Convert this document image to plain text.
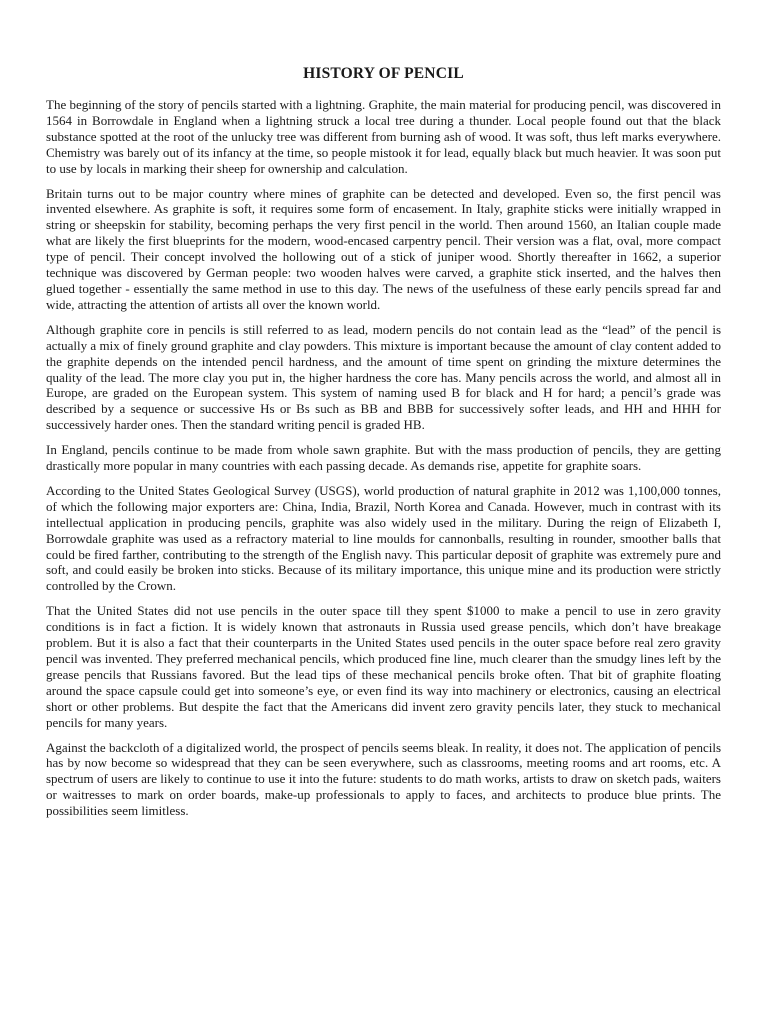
HISTORY OF PENCIL

The beginning of the story of pencils started with a lightning. Graphite, the main material for producing pencil, was discovered in 1564 in Borrowdale in England when a lightning struck a local tree during a thunder. Local people found out that the black substance spotted at the root of the unlucky tree was different from burning ash of wood. It was soft, thus left marks everywhere. Chemistry was barely out of its infancy at the time, so people mistook it for lead, equally black but much heavier. It was soon put to use by locals in marking their sheep for ownership and calculation.

Britain turns out to be major country where mines of graphite can be detected and developed. Even so, the first pencil was invented elsewhere. As graphite is soft, it requires some form of encasement. In Italy, graphite sticks were initially wrapped in string or sheepskin for stability, becoming perhaps the very first pencil in the world. Then around 1560, an Italian couple made what are likely the first blueprints for the modern, wood-encased carpentry pencil. Their version was a flat, oval, more compact type of pencil. Their concept involved the hollowing out of a stick of juniper wood. Shortly thereafter in 1662, a superior technique was discovered by German people: two wooden halves were carved, a graphite stick inserted, and the halves then glued together - essentially the same method in use to this day. The news of the usefulness of these early pencils spread far and wide, attracting the attention of artists all over the known world.

Although graphite core in pencils is still referred to as lead, modern pencils do not contain lead as the “lead” of the pencil is actually a mix of finely ground graphite and clay powders. This mixture is important because the amount of clay content added to the graphite depends on the intended pencil hardness, and the amount of time spent on grinding the mixture determines the quality of the lead. The more clay you put in, the higher hardness the core has. Many pencils across the world, and almost all in Europe, are graded on the European system. This system of naming used B for black and H for hard; a pencil’s grade was described by a sequence or successive Hs or Bs such as BB and BBB for successively softer leads, and HH and HHH for successively harder ones. Then the standard writing pencil is graded HB.

In England, pencils continue to be made from whole sawn graphite. But with the mass production of pencils, they are getting drastically more popular in many countries with each passing decade. As demands rise, appetite for graphite soars.

According to the United States Geological Survey (USGS), world production of natural graphite in 2012 was 1,100,000 tonnes, of which the following major exporters are: China, India, Brazil, North Korea and Canada. However, much in contrast with its intellectual application in producing pencils, graphite was also widely used in the military. During the reign of Elizabeth I, Borrowdale graphite was used as a refractory material to line moulds for cannonballs, resulting in rounder, smoother balls that could be fired farther, contributing to the strength of the English navy. This particular deposit of graphite was extremely pure and soft, and could easily be broken into sticks. Because of its military importance, this unique mine and its production were strictly controlled by the Crown.

That the United States did not use pencils in the outer space till they spent $1000 to make a pencil to use in zero gravity conditions is in fact a fiction. It is widely known that astronauts in Russia used grease pencils, which don’t have breakage problem. But it is also a fact that their counterparts in the United States used pencils in the outer space before real zero gravity pencil was invented. They preferred mechanical pencils, which produced fine line, much clearer than the smudgy lines left by the grease pencils that Russians favored. But the lead tips of these mechanical pencils broke often. That bit of graphite floating around the space capsule could get into someone’s eye, or even find its way into machinery or electronics, causing an electrical short or other problems. But despite the fact that the Americans did invent zero gravity pencils later, they stuck to mechanical pencils for many years.

Against the backcloth of a digitalized world, the prospect of pencils seems bleak. In reality, it does not. The application of pencils has by now become so widespread that they can be seen everywhere, such as classrooms, meeting rooms and art rooms, etc. A spectrum of users are likely to continue to use it into the future: students to do math works, artists to draw on sketch pads, waiters or waitresses to mark on order boards, make-up professionals to apply to faces, and architects to produce blue prints. The possibilities seem limitless.
